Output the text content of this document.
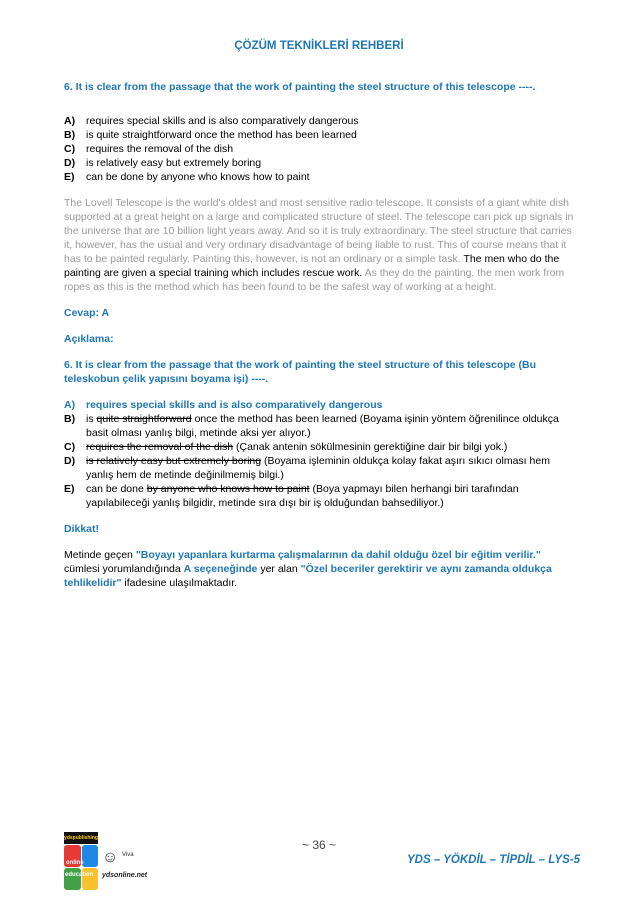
ÇÖZÜM TEKNİKLERİ REHBERİ

6. It is clear from the passage that the work of painting the steel structure of this telescope ----.

A)	requires special skills and is also comparatively dangerous
B)	is quite straightforward once the method has been learned
C)	requires the removal of the dish
D)	is relatively easy but extremely boring
E)	can be done by anyone who knows how to paint

The Lovell Telescope is the world's oldest and most sensitive radio telescope. It consists of a giant white dish supported at a great height on a large and complicated structure of steel. The telescope can pick up signals in the universe that are 10 billion light years away. And so it is truly extraordinary. The steel structure that carries it, however, has the usual and very ordinary disadvantage of being liable to rust. This of course means that it has to be painted regularly. Painting this, however, is not an ordinary or a simple task. The men who do the painting are given a special training which includes rescue work. As they do the painting, the men work from ropes as this is the method which has been found to be the safest way of working at a height.

Cevap: A

Açıklama:

6. It is clear from the passage that the work of painting the steel structure of this telescope (Bu teleskobun çelik yapısını boyama işi) ----.

A)	requires special skills and is also comparatively dangerous
B)	is quite straightforward once the method has been learned (Boyama işinin yöntem öğrenilince oldukça basit olması yanlış bilgi, metinde aksi yer alıyor.)
C)	requires the removal of the dish (Çanak antenin sökülmesinin gerektiğine dair bir bilgi yok.)
D)	is relatively easy but extremely boring (Boyama işleminin oldukça kolay fakat aşırı sıkıcı olması hem yanlış hem de metinde değinilmemiş bilgi.)
E)	can be done by anyone who knows how to paint (Boya yapmayı bilen herhangi biri tarafından yapılabileceği yanlış bilgidir, metinde sıra dışı bir iş olduğundan bahsediliyor.)

Dikkat!

Metinde geçen "Boyayı yapanlara kurtarma çalışmalarının da dahil olduğu özel bir eğitim verilir." cümlesi yorumlandığında A seçeneğinde yer alan "Özel beceriler gerektirir ve aynı zamanda oldukça tehlikelidir" ifadesine ulaşılmaktadır.

ydspublishing
online
education
☺ Viva
ydsonline.net
~ 36 ~
YDS – YÖKDİL – TİPDİL – LYS-5
